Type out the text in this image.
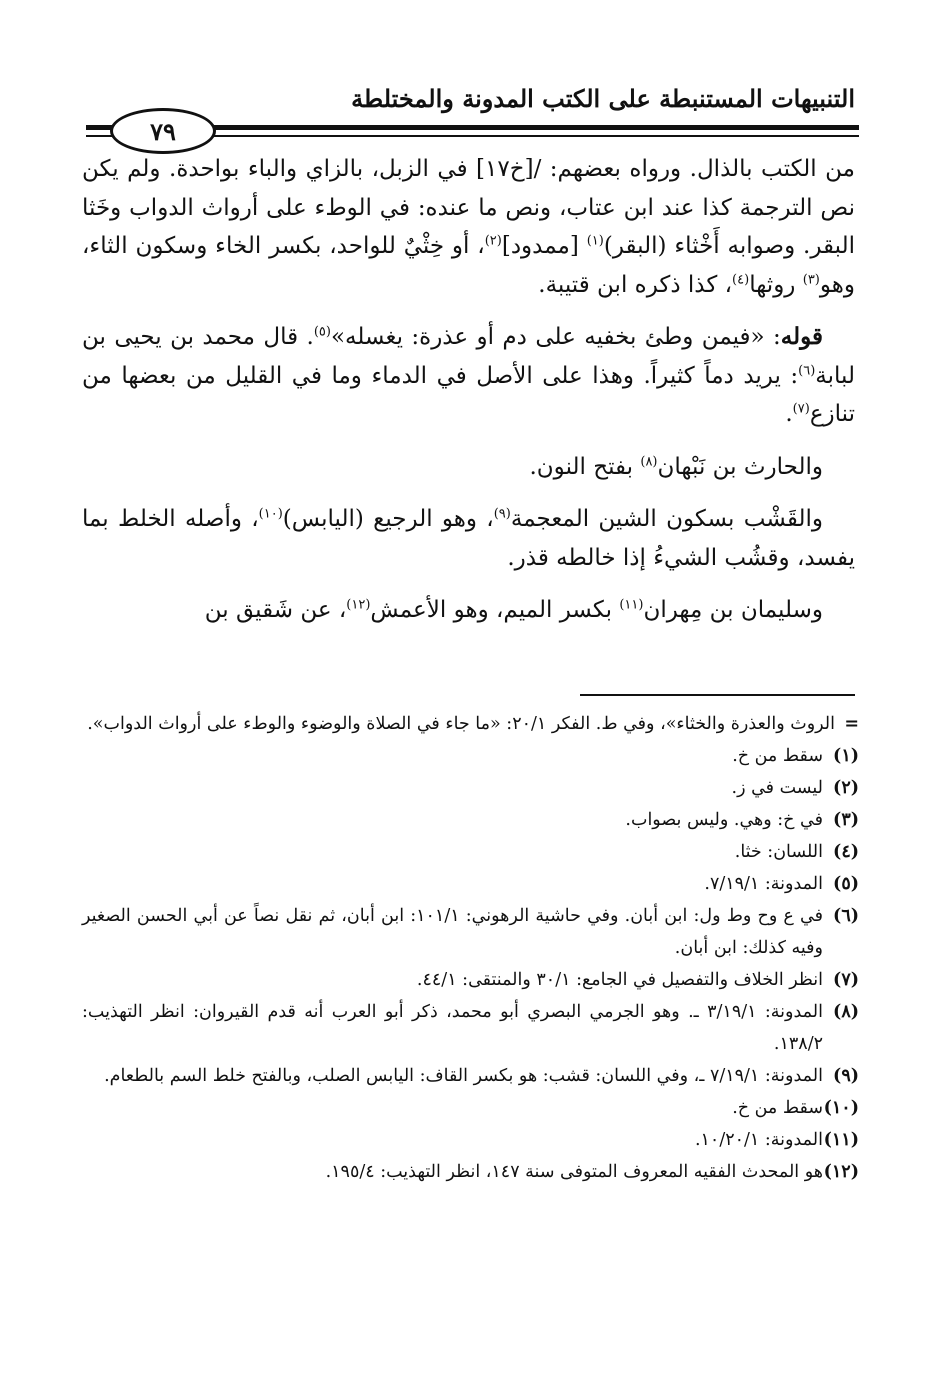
التنبيهات المستنبطة على الكتب المدونة والمختلطة
٧٩

من الكتب بالذال. ورواه بعضهم: /[خ١٧] في الزبل، بالزاي والباء بواحدة. ولم يكن نص الترجمة كذا عند ابن عتاب، ونص ما عنده: في الوطء على أرواث الدواب وخَثا البقر. وصوابه أَخْثاء (البقر)$^{(١)}$ [ممدود]$^{(٢)}$، أو خِثْيٌ للواحد، بكسر الخاء وسكون الثاء، وهو$^{(٣)}$ روثها$^{(٤)}$، كذا ذكره ابن قتيبة.

قوله: «فيمن وطئ بخفيه على دم أو عذرة: يغسله»$^{(٥)}$. قال محمد بن يحيى بن لبابة$^{(٦)}$: يريد دماً كثيراً. وهذا على الأصل في الدماء وما في القليل من بعضها من تنازع$^{(٧)}$.

والحارث بن نَبْهان$^{(٨)}$ بفتح النون.

والقَشْب بسكون الشين المعجمة$^{(٩)}$، وهو الرجيع (اليابس)$^{(١٠)}$، وأصله الخلط بما يفسد، وقشُب الشيءُ إذا خالطه قذر.

وسليمان بن مِهران$^{(١١)}$ بكسر الميم، وهو الأعمش$^{(١٢)}$، عن شَقيق بن

=
الروث والعذرة والخثاء»، وفي ط. الفكر ٢٠/١: «ما جاء في الصلاة والوضوء والوطء على أرواث الدواب».
(١)
سقط من خ.
(٢)
ليست في ز.
(٣)
في خ: وهي. وليس بصواب.
(٤)
اللسان: خثا.
(٥)
المدونة: ٧/١٩/١.
(٦)
في ع وح وط ول: ابن أبان. وفي حاشية الرهوني: ١٠١/١: ابن أبان، ثم نقل نصاً عن أبي الحسن الصغير وفيه كذلك: ابن أبان.
(٧)
انظر الخلاف والتفصيل في الجامع: ٣٠/١ والمنتقى: ٤٤/١.
(٨)
المدونة: ٣/١٩/١ ـ. وهو الجرمي البصري أبو محمد، ذكر أبو العرب أنه قدم القيروان: انظر التهذيب: ١٣٨/٢.
(٩)
المدونة: ٧/١٩/١ ـ، وفي اللسان: قشب: هو بكسر القاف: اليابس الصلب، وبالفتح خلط السم بالطعام.
(١٠)
سقط من خ.
(١١)
المدونة: ١٠/٢٠/١.
(١٢)
هو المحدث الفقيه المعروف المتوفى سنة ١٤٧، انظر التهذيب: ١٩٥/٤.
